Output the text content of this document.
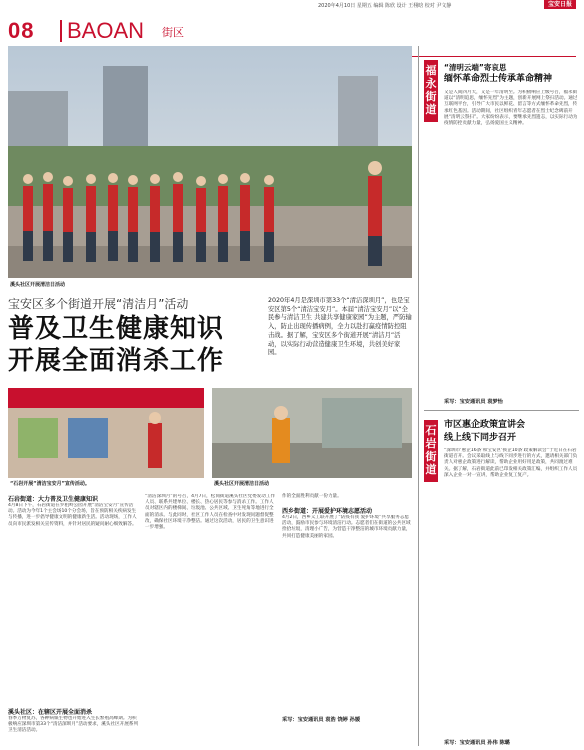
2020年4月10日 星期五 编辑 陈欣 设计 王栩晗 校对 尹文静	宝安日报
08 BAOAN 街区
溪头社区开展清洁日活动
宝安区多个街道开展“清洁月”活动
普及卫生健康知识
开展全面消杀工作
2020年4月是深圳市第33个“清洁深圳月”，也是宝安区第5个“清洁宝安月”。本届“清洁宝安月”以“全民参与清洁卫生 共建共享健康家园”为主题，严防输入，防止出现传播病例，全力以赴打赢疫情防控阻击战。据了解，宝安区多个街道开展“清洁月”活动，以实际行动营造健康卫生环境，共创美好家园。
“石岩开展“清洁宝安月”宣传活动。	溪头社区开展清洁日活动
石岩街道：大力普及卫生健康知识
4月8日下午，石岩街道在罗租岭公园开展“清洁宝安月”宣传活动。活动为今年1个主会场10个分会场，旨在预防相关疾病发生与传播，进一步倡导健康文明的健康新生活。活动现场，工作人员向市民派发相关宣传资料，并针对居民的疑问耐心细致解答。
溪头社区：在辖区开展全面消杀
春季万物复苏，各种病媒生物也开始进入生长繁殖高峰期。为积极响应深圳市第33个“清洁深圳月”活动要求，溪头社区开展系列卫生清洁活动。
“清洁深圳月”的号召，4月7日，松岗街道溪头社区党委发动工作人员、联系共建单位、楼长、热心居民等参与消杀工作。工作人员对辖区内的楼梯间、垃圾池、公共区域、卫生死角等地进行全面的消杀。与此同时，社区工作人员在检查中对发现问题督促整改，确保社区环境干净整洁。通过这次活动，居民的卫生意识进一步增强。
作的全面胜利贡献一份力量。
西乡街道：开展爱护环境志愿活动
4月2日，西乡义工联开展了“防疫有我 爱护环境”共享服务志愿活动，鼓励市民参与环境清洁行动。志愿者们在街道的公共区域捡拾垃圾，清理小广告，为营造干净整洁的城市环境贡献力量，共同打造健康美丽的家园。
采写：宝安通讯员 袁浩 饶婷 孙媛
福永街道
“清明云端”寄哀思
缅怀革命烈士传承革命精神
又是人间四月天，又是一年清明至。为积极响应上级号召，福永街道以“清明追思，缅怀先烈”为主题，创新开展网上祭扫活动。通过互联网平台，引导广大市民以鲜花、留言等方式缅怀革命先烈，传承红色基因。活动期间，社区组织青年志愿者在烈士纪念碑前开展“清明云祭扫”。大家纷纷表示，要继承先烈遗志，以实际行动为疫情防控贡献力量，弘扬爱国主义精神。
采写：宝安通讯员 袁梦怡
石岩街道
市区惠企政策宣讲会
线上线下同步召开
“深圳市‘惠企16条’和宝安区‘援企10条’政策解读会”于近日在石岩街道召开。会议采取线上与线下同步进行的方式，邀请相关部门负责人对惠企政策进行解读，帮助企业用好用足政策，共同渡过难关。据了解，石岩街道此前已印发相关政策汇编，并组织工作人员深入企业一对一宣讲，帮助企业复工复产。
采写：宝安通讯员 孙伟 陈璐
